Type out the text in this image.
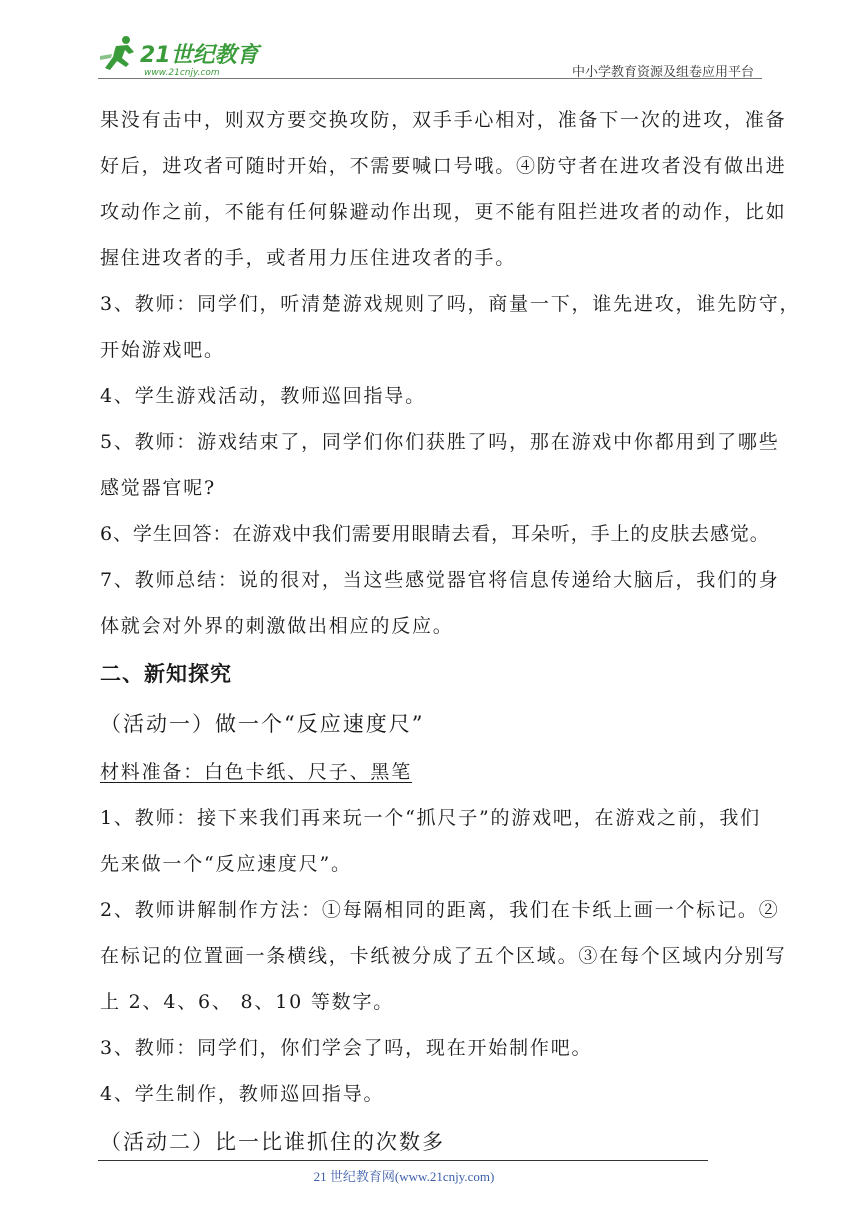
21世纪教育
www.21cnjy.com	中小学教育资源及组卷应用平台

果没有击中，则双方要交换攻防，双手手心相对，准备下一次的进攻，准备

好后，进攻者可随时开始，不需要喊口号哦。④防守者在进攻者没有做出进

攻动作之前，不能有任何躲避动作出现，更不能有阻拦进攻者的动作，比如

握住进攻者的手，或者用力压住进攻者的手。

3、教师：同学们，听清楚游戏规则了吗，商量一下，谁先进攻，谁先防守，

开始游戏吧。

4、学生游戏活动，教师巡回指导。

5、教师：游戏结束了，同学们你们获胜了吗，那在游戏中你都用到了哪些

感觉器官呢?

6、学生回答：在游戏中我们需要用眼睛去看，耳朵听，手上的皮肤去感觉。

7、教师总结：说的很对，当这些感觉器官将信息传递给大脑后，我们的身

体就会对外界的刺激做出相应的反应。

二、新知探究

（活动一）做一个“反应速度尺”

材料准备：白色卡纸、尺子、黑笔

1、教师：接下来我们再来玩一个“抓尺子”的游戏吧，在游戏之前，我们

先来做一个“反应速度尺”。

2、教师讲解制作方法：①每隔相同的距离，我们在卡纸上画一个标记。②

在标记的位置画一条横线，卡纸被分成了五个区域。③在每个区域内分别写

上 2、4、6、 8、10 等数字。

3、教师：同学们，你们学会了吗，现在开始制作吧。

4、学生制作，教师巡回指导。

（活动二）比一比谁抓住的次数多

21 世纪教育网(www.21cnjy.com)
